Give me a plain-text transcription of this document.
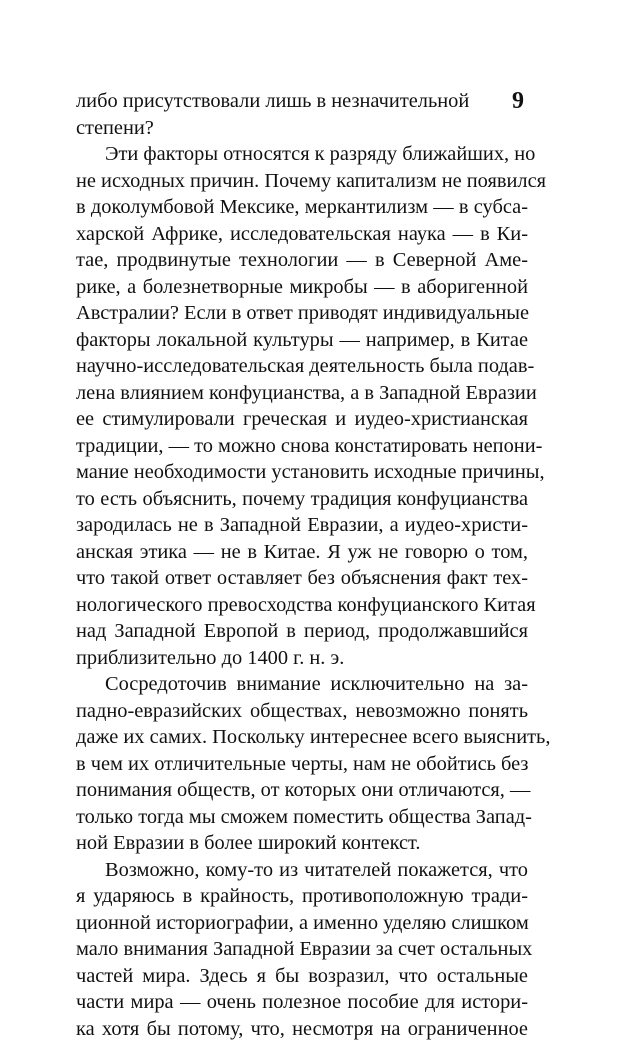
9
либо присутствовали лишь в незначительной
степени?
Эти факторы относятся к разряду ближайших, но
не исходных причин. Почему капитализм не появился
в доколумбовой Мексике, меркантилизм — в субса-
харской Африке, исследовательская наука — в Ки-
тае, продвинутые технологии — в Северной Аме-
рике, а болезнетворные микробы — в аборигенной
Австралии? Если в ответ приводят индивидуальные
факторы локальной культуры — например, в Китае
научно-исследовательская деятельность была подав-
лена влиянием конфуцианства, а в Западной Евразии
ее стимулировали греческая и иудео-христианская
традиции, — то можно снова констатировать непони-
мание необходимости установить исходные причины,
то есть объяснить, почему традиция конфуцианства
зародилась не в Западной Евразии, а иудео-христи-
анская этика — не в Китае. Я уж не говорю о том,
что такой ответ оставляет без объяснения факт тех-
нологического превосходства конфуцианского Китая
над Западной Европой в период, продолжавшийся
приблизительно до 1400 г. н. э.
Сосредоточив внимание исключительно на за-
падно-евразийских обществах, невозможно понять
даже их самих. Поскольку интереснее всего выяснить,
в чем их отличительные черты, нам не обойтись без
понимания обществ, от которых они отличаются, —
только тогда мы сможем поместить общества Запад-
ной Евразии в более широкий контекст.
Возможно, кому-то из читателей покажется, что
я ударяюсь в крайность, противоположную тради-
ционной историографии, а именно уделяю слишком
мало внимания Западной Евразии за счет остальных
частей мира. Здесь я бы возразил, что остальные
части мира — очень полезное пособие для истори-
ка хотя бы потому, что, несмотря на ограниченное
